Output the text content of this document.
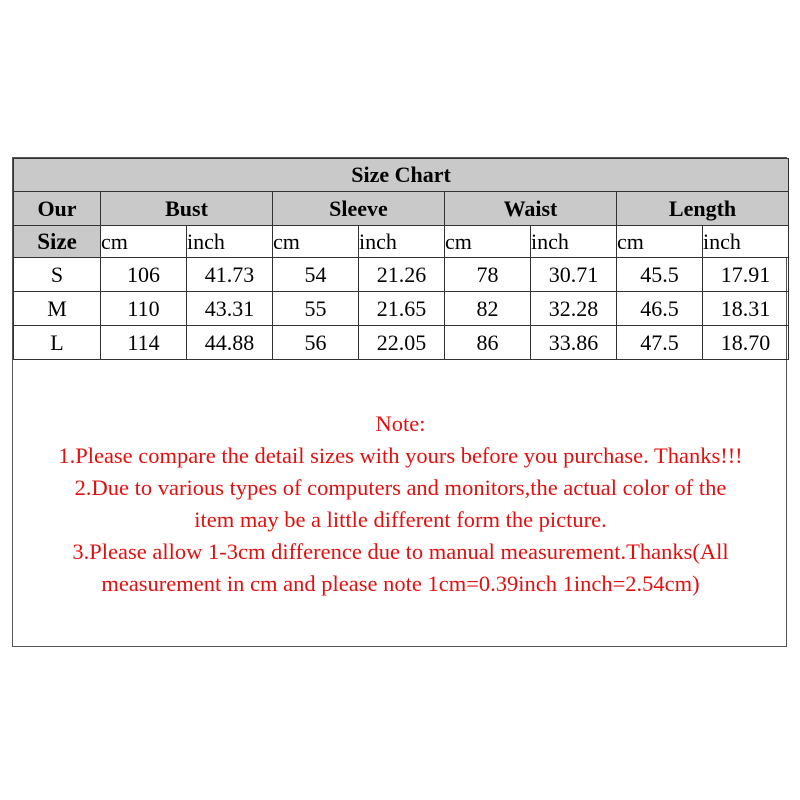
Size Chart								
Our	Bust		Sleeve		Waist		Length	
Size	cm	inch	cm	inch	cm	inch	cm	inch
S	106	41.73	54	21.26	78	30.71	45.5	17.91
M	110	43.31	55	21.65	82	32.28	46.5	18.31
L	114	44.88	56	22.05	86	33.86	47.5	18.70
Note:
1.Please compare the detail sizes with yours before you purchase. Thanks!!!
2.Due to various types of computers and monitors,the actual color of the
item may be a little different form the picture.
3.Please allow 1-3cm difference due to manual measurement.Thanks(All
measurement in cm and please note 1cm=0.39inch 1inch=2.54cm)
